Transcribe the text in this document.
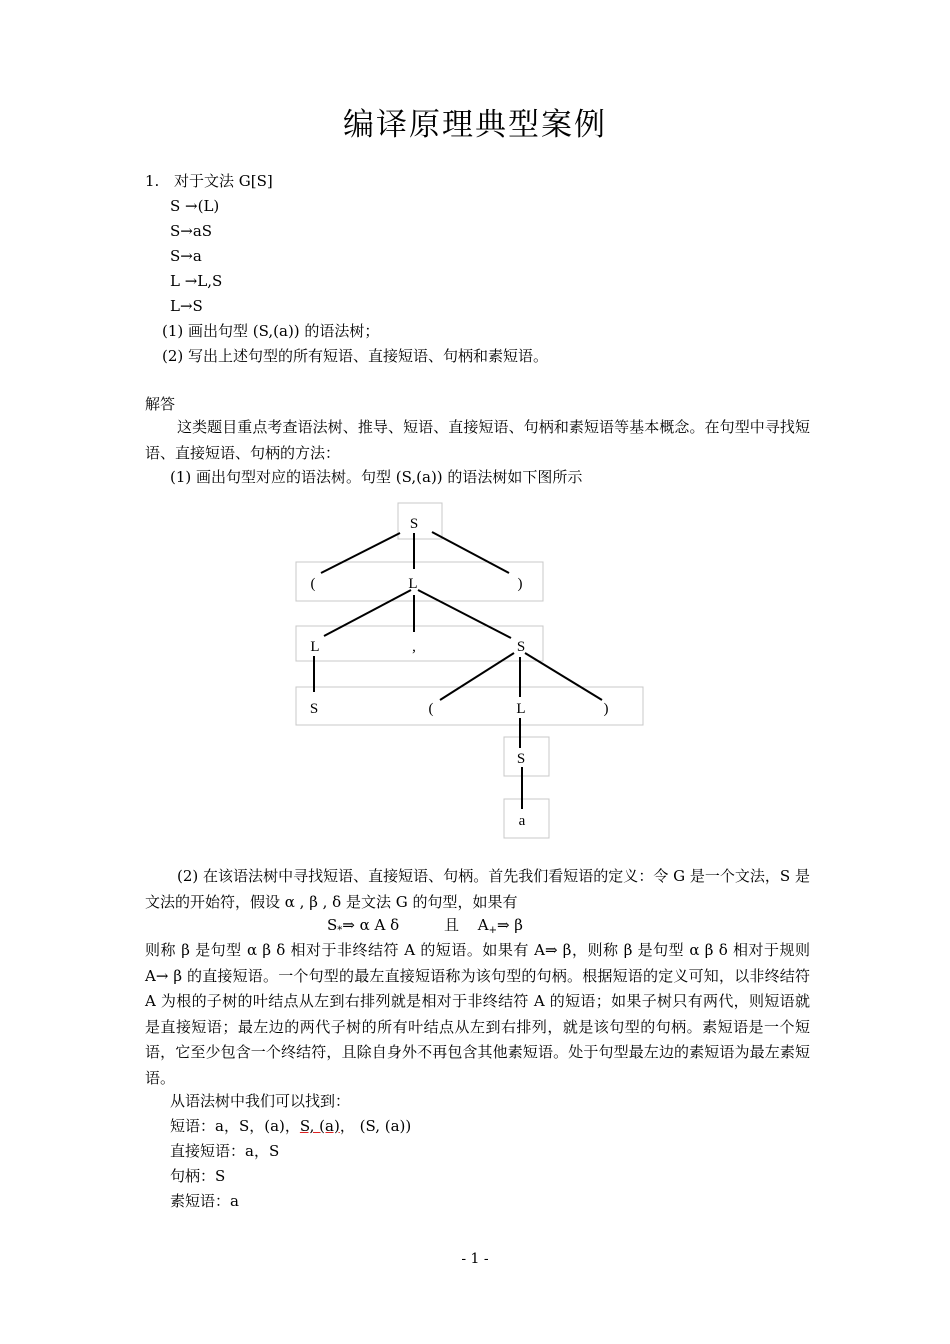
编译原理典型案例
1. 对于文法 G[S]
S →(L)
S→aS
S→a
L →L,S
L→S
(1) 画出句型 (S,(a)) 的语法树；
(2) 写出上述句型的所有短语、直接短语、句柄和素短语。
解答
这类题目重点考查语法树、推导、短语、直接短语、句柄和素短语等基本概念。在句型中寻找短语、直接短语、句柄的方法：
(1) 画出句型对应的语法树。句型 (S,(a)) 的语法树如下图所示
S
(	L	)
L	,	S
S	(	L	)
S
a
(2) 在该语法树中寻找短语、直接短语、句柄。首先我们看短语的定义：令 G 是一个文法，S 是文法的开始符，假设 α , β , δ 是文法 G 的句型，如果有
$S_*\Rightarrow$ α A δ	且 $A_+\Rightarrow$ β
则称 β 是句型 α β δ 相对于非终结符 A 的短语。如果有 A⇒ β，则称 β 是句型 α β δ 相对于规则 A→ β 的直接短语。一个句型的最左直接短语称为该句型的句柄。根据短语的定义可知，以非终结符 A 为根的子树的叶结点从左到右排列就是相对于非终结符 A 的短语；如果子树只有两代，则短语就是直接短语；最左边的两代子树的所有叶结点从左到右排列，就是该句型的句柄。素短语是一个短语，它至少包含一个终结符，且除自身外不再包含其他素短语。处于句型最左边的素短语为最左素短语。
从语法树中我们可以找到：
短语：a，S，(a)，S, (a)， (S, (a))
直接短语：a，S
句柄：S
素短语：a
- 1 -
